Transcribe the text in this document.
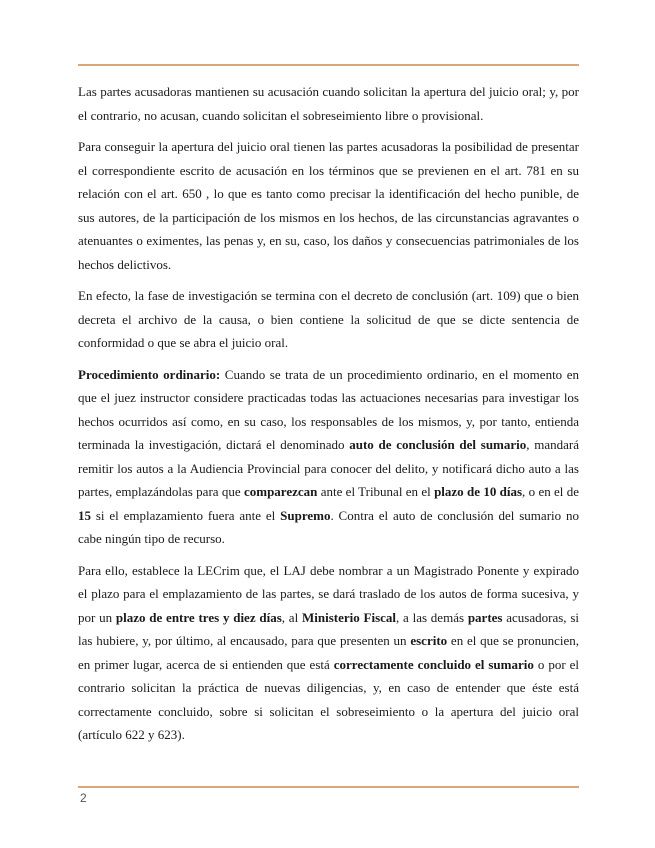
Las partes acusadoras mantienen su acusación cuando solicitan la apertura del juicio oral; y, por el contrario, no acusan, cuando solicitan el sobreseimiento libre o provisional.

Para conseguir la apertura del juicio oral tienen las partes acusadoras la posibilidad de presentar el correspondiente escrito de acusación en los términos que se previenen en el art. 781 en su relación con el art. 650 , lo que es tanto como precisar la identificación del hecho punible, de sus autores, de la participación de los mismos en los hechos, de las circunstancias agravantes o atenuantes o eximentes, las penas y, en su, caso, los daños y consecuencias patrimoniales de los hechos delictivos.

En efecto, la fase de investigación se termina con el decreto de conclusión (art. 109) que o bien decreta el archivo de la causa, o bien contiene la solicitud de que se dicte sentencia de conformidad o que se abra el juicio oral.

Procedimiento ordinario: Cuando se trata de un procedimiento ordinario, en el momento en que el juez instructor considere practicadas todas las actuaciones necesarias para investigar los hechos ocurridos así como, en su caso, los responsables de los mismos, y, por tanto, entienda terminada la investigación, dictará el denominado auto de conclusión del sumario, mandará remitir los autos a la Audiencia Provincial para conocer del delito, y notificará dicho auto a las partes, emplazándolas para que comparezcan ante el Tribunal en el plazo de 10 días, o en el de 15 si el emplazamiento fuera ante el Supremo. Contra el auto de conclusión del sumario no cabe ningún tipo de recurso.

Para ello, establece la LECrim que, el LAJ debe nombrar a un Magistrado Ponente y expirado el plazo para el emplazamiento de las partes, se dará traslado de los autos de forma sucesiva, y por un plazo de entre tres y diez días, al Ministerio Fiscal, a las demás partes acusadoras, si las hubiere, y, por último, al encausado, para que presenten un escrito en el que se pronuncien, en primer lugar, acerca de si entienden que está correctamente concluido el sumario o por el contrario solicitan la práctica de nuevas diligencias, y, en caso de entender que éste está correctamente concluido, sobre si solicitan el sobreseimiento o la apertura del juicio oral (artículo 622 y 623).

2
